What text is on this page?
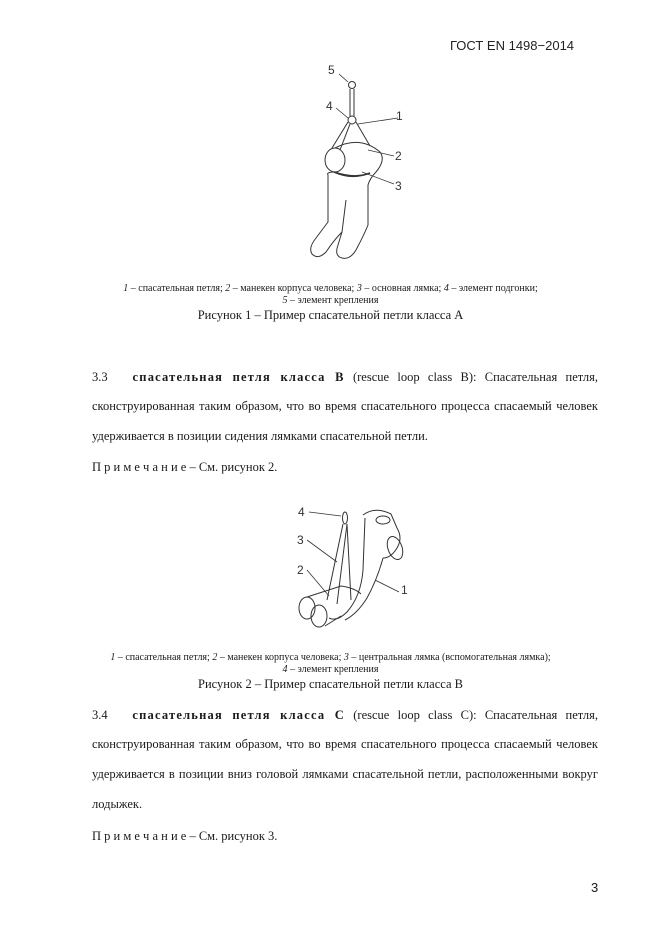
ГОСТ EN 1498−2014
5
4
1
2
3
1 – спасательная петля; 2 – манекен корпуса человека; 3 – основная лямка; 4 – элемент подгонки;
5 – элемент крепления
Рисунок 1 – Пример спасательной петли класса А
3.3 спасательная петля класса В (rescue loop class B): Спасательная петля,
сконструированная таким образом, что во время спасательного процесса спасаемый человек
удерживается в позиции сидения лямками спасательной петли.
П р и м е ч а н и е – См. рисунок 2.
4
3
2
1
1 – спасательная петля; 2 – манекен корпуса человека; 3 – центральная лямка (вспомогательная лямка);
4 – элемент крепления
Рисунок 2 – Пример спасательной петли класса В
3.4 спасательная петля класса С (rescue loop class C): Спасательная петля,
сконструированная таким образом, что во время спасательного процесса спасаемый человек
удерживается в позиции вниз головой лямками спасательной петли, расположенными вокруг
лодыжек.
П р и м е ч а н и е – См. рисунок 3.
3
